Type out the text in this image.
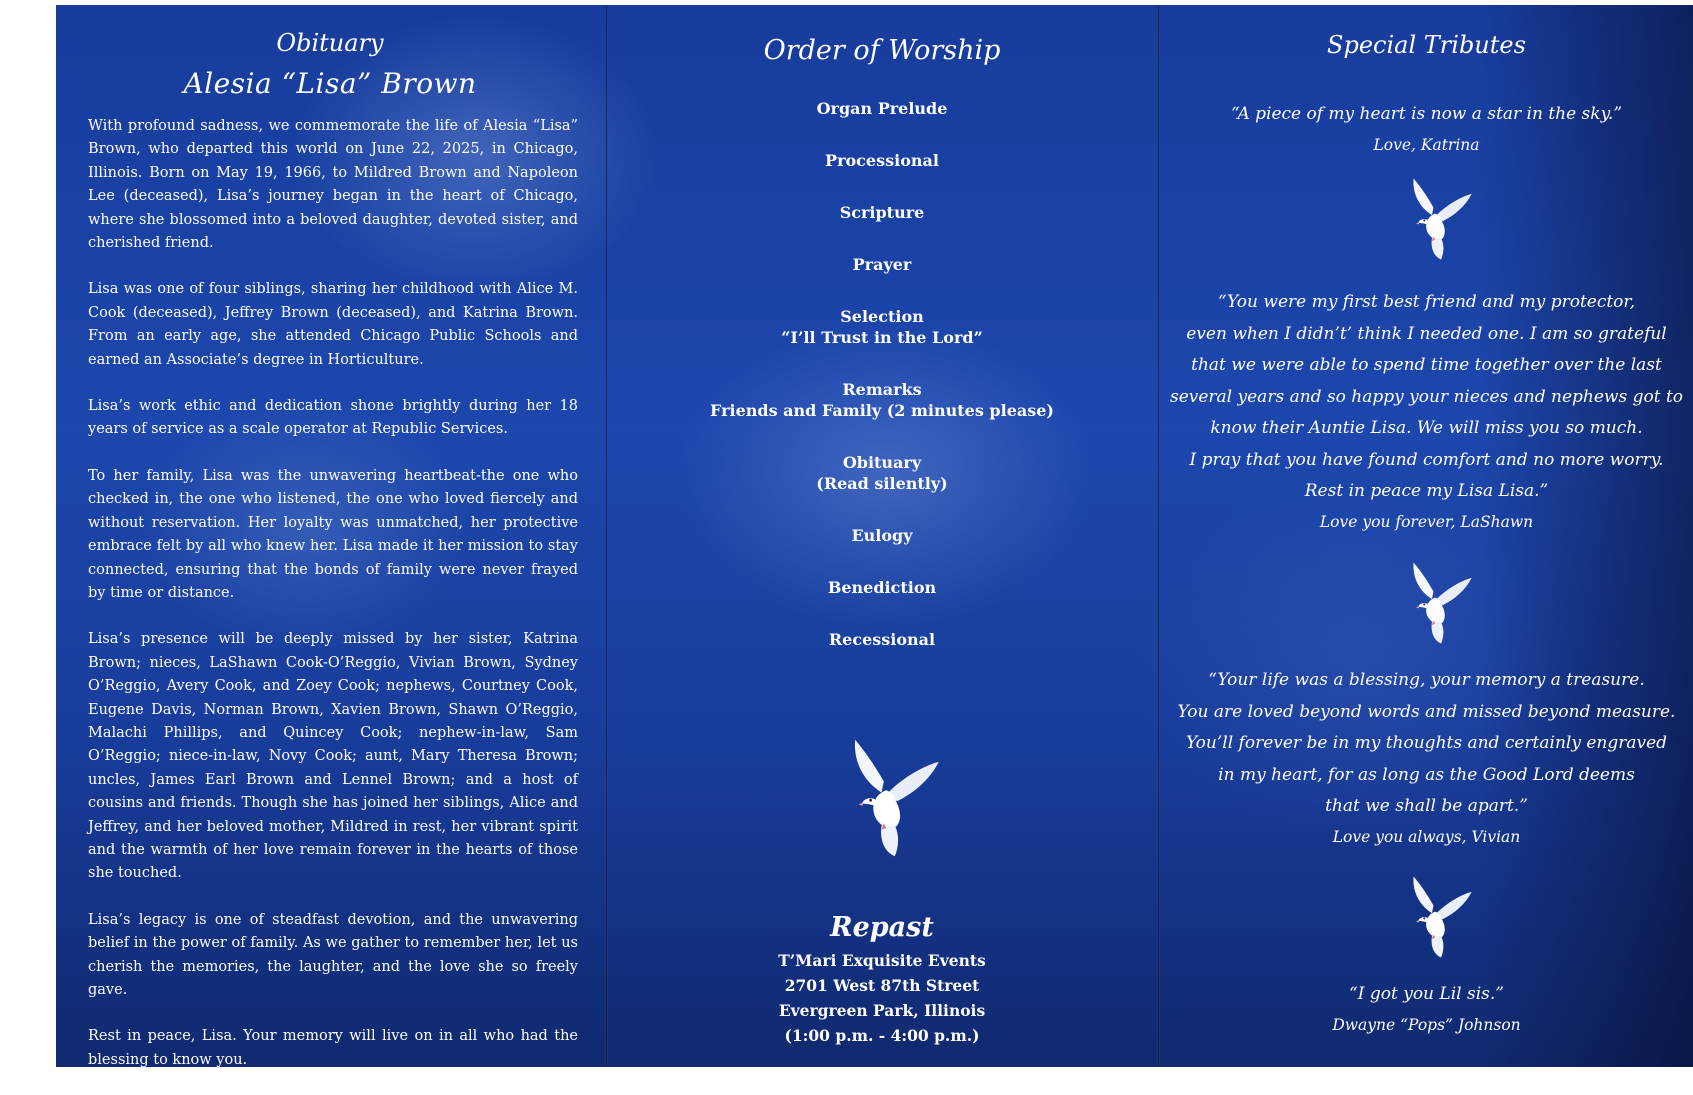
Obituary
Alesia “Lisa” Brown

With profound sadness, we commemorate the life of Alesia “Lisa” Brown, who departed this world on June 22, 2025, in Chicago, Illinois. Born on May 19, 1966, to Mildred Brown and Napoleon Lee (deceased), Lisa’s journey began in the heart of Chicago, where she blossomed into a beloved daughter, devoted sister, and cherished friend.

Lisa was one of four siblings, sharing her childhood with Alice M. Cook (deceased), Jeffrey Brown (deceased), and Katrina Brown. From an early age, she attended Chicago Public Schools and earned an Associate’s degree in Horticulture.

Lisa’s work ethic and dedication shone brightly during her 18 years of service as a scale operator at Republic Services.

To her family, Lisa was the unwavering heartbeat-the one who checked in, the one who listened, the one who loved fiercely and without reservation. Her loyalty was unmatched, her protective embrace felt by all who knew her. Lisa made it her mission to stay connected, ensuring that the bonds of family were never frayed by time or distance.

Lisa’s presence will be deeply missed by her sister, Katrina Brown; nieces, LaShawn Cook-O’Reggio, Vivian Brown, Sydney O’Reggio, Avery Cook, and Zoey Cook; nephews, Courtney Cook, Eugene Davis, Norman Brown, Xavien Brown, Shawn O’Reggio, Malachi Phillips, and Quincey Cook; nephew-in-law, Sam O’Reggio; niece-in-law, Novy Cook; aunt, Mary Theresa Brown; uncles, James Earl Brown and Lennel Brown; and a host of cousins and friends. Though she has joined her siblings, Alice and Jeffrey, and her beloved mother, Mildred in rest, her vibrant spirit and the warmth of her love remain forever in the hearts of those she touched.

Lisa’s legacy is one of steadfast devotion, and the unwavering belief in the power of family. As we gather to remember her, let us cherish the memories, the laughter, and the love she so freely gave.

Rest in peace, Lisa. Your memory will live on in all who had the blessing to know you.

Order of Worship
Organ Prelude
Processional
Scripture
Prayer
Selection
“I’ll Trust in the Lord”
Remarks
Friends and Family (2 minutes please)
Obituary
(Read silently)
Eulogy
Benediction
Recessional
Repast
T’Mari Exquisite Events
2701 West 87th Street
Evergreen Park, Illinois
(1:00 p.m. - 4:00 p.m.)
Special Tributes
“A piece of my heart is now a star in the sky.”
Love, Katrina
“You were my first best friend and my protector,
even when I didn’t’ think I needed one. I am so grateful
that we were able to spend time together over the last
several years and so happy your nieces and nephews got to
know their Auntie Lisa. We will miss you so much.
I pray that you have found comfort and no more worry.
Rest in peace my Lisa Lisa.”
Love you forever, LaShawn
“Your life was a blessing, your memory a treasure.
You are loved beyond words and missed beyond measure.
You’ll forever be in my thoughts and certainly engraved
in my heart, for as long as the Good Lord deems
that we shall be apart.”
Love you always, Vivian
“I got you Lil sis.”
Dwayne “Pops” Johnson
